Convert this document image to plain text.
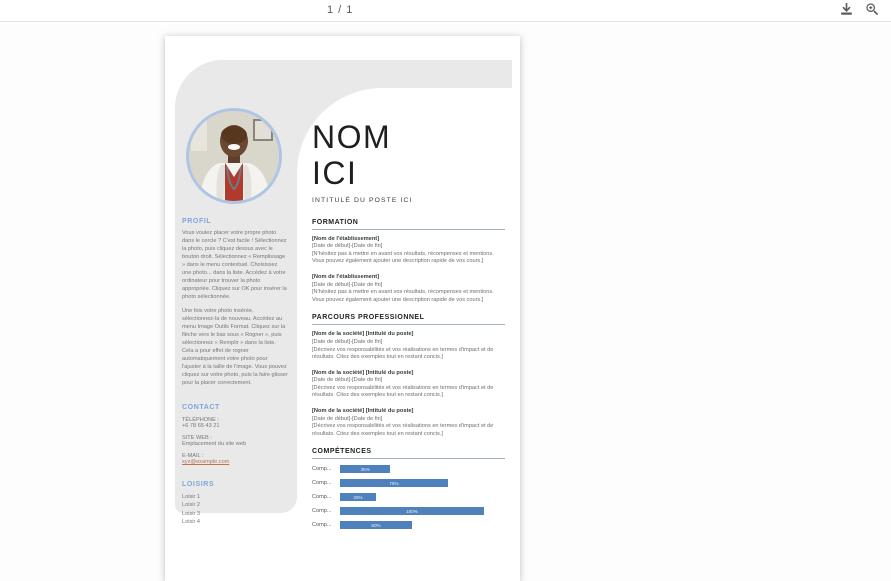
1 / 1
PROFIL
Vous voulez placer votre propre photo dans le cercle ? C'est facile ! Sélectionnez la photo, puis cliquez dessus avec le bouton droit. Sélectionnez « Remplissage » dans le menu contextuel. Choisissez une photo... dans la liste. Accédez à votre ordinateur pour trouver la photo appropriée. Cliquez sur OK pour insérer la photo sélectionnée.
Une fois votre photo insérée, sélectionnez-la de nouveau. Accédez au menu Image Outils Format. Cliquez sur la flèche vers le bas sous « Rogner », puis sélectionnez « Remplir » dans la liste. Cela a pour effet de rogner automatiquement votre photo pour l'ajuster à la taille de l'image. Vous pouvez cliquez sur votre photo, puis la faire glisser pour la placer correctement.
CONTACT
TÉLÉPHONE :
+6 78 65 43 21
SITE WEB :
Emplacement du site web
E-MAIL :
xyz@example.com
LOISIRS
Loisir 1
Loisir 2
Loisir 3
Loisir 4
NOM
ICI
INTITULÉ DU POSTE ICI
FORMATION
[Nom de l'établissement]
[Date de début]-[Date de fin]
[N'hésitez pas à mettre en avant vos résultats, récompenses et mentions. Vous pouvez également ajouter une description rapide de vos cours.]
[Nom de l'établissement]
[Date de début]-[Date de fin]
[N'hésitez pas à mettre en avant vos résultats, récompenses et mentions. Vous pouvez également ajouter une description rapide de vos cours.]
PARCOURS PROFESSIONNEL
[Nom de la société] [Intitulé du poste]
[Date de début]-[Date de fin]
[Décrivez vos responsabilités et vos réalisations en termes d'impact et de résultats. Citez des exemples tout en restant concis.]
[Nom de la société] [Intitulé du poste]
[Date de début]-[Date de fin]
[Décrivez vos responsabilités et vos réalisations en termes d'impact et de résultats. Citez des exemples tout en restant concis.]
[Nom de la société] [Intitulé du poste]
[Date de début]-[Date de fin]
[Décrivez vos responsabilités et vos réalisations en termes d'impact et de résultats. Citez des exemples tout en restant concis.]
COMPÉTENCES
Comp...	35%
Comp...	75%
Comp...	25%
Comp...	100%
Comp...	50%
